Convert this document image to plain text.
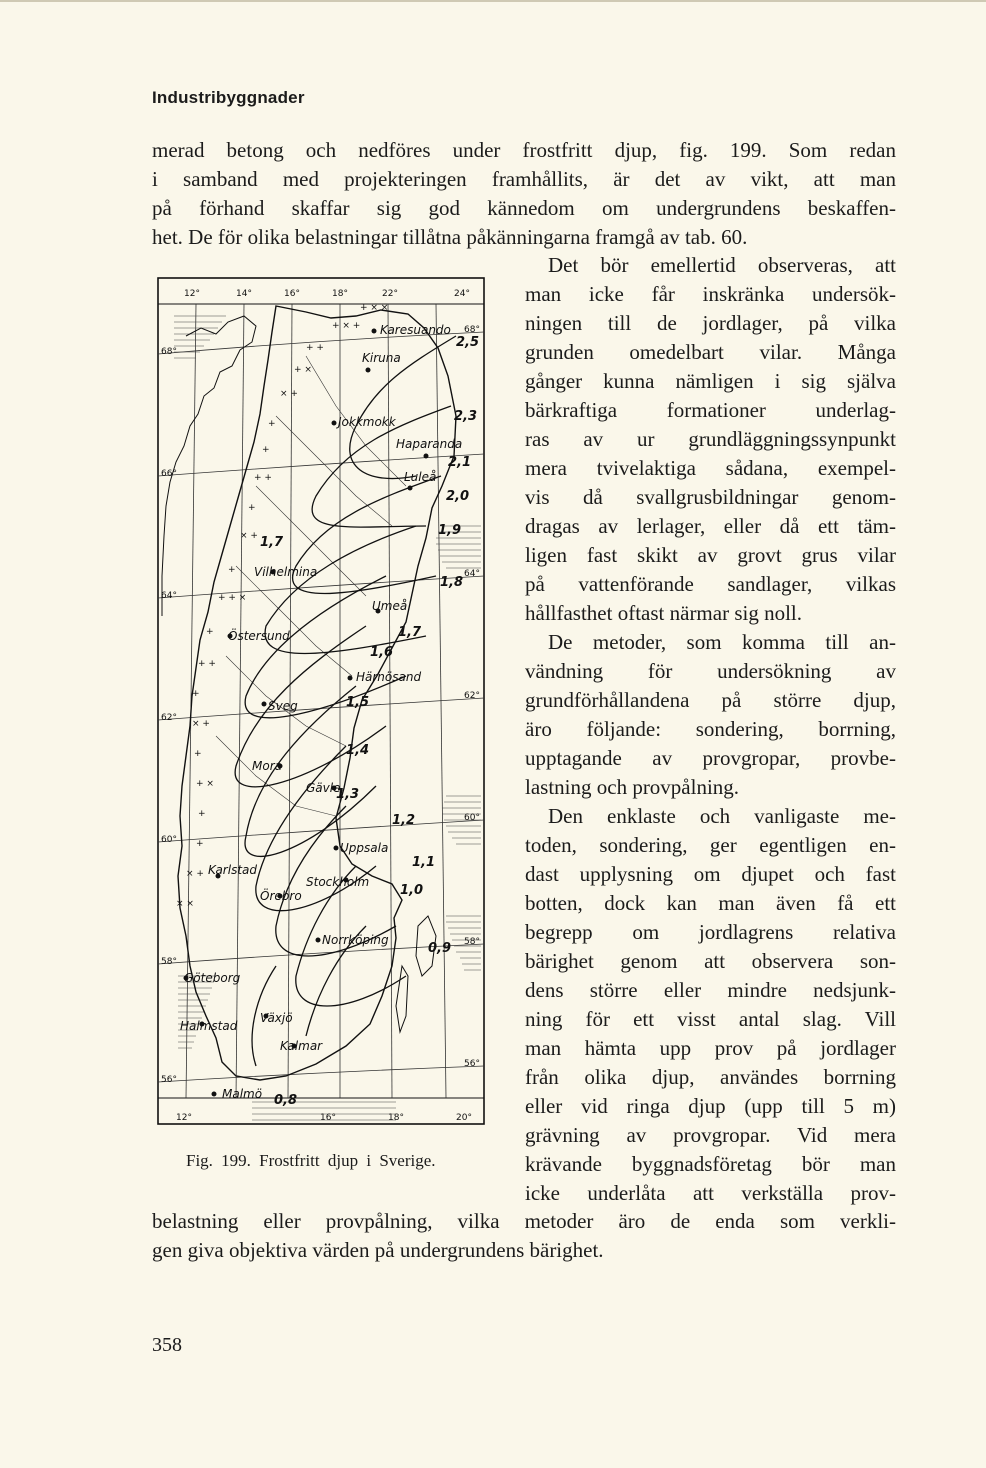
Industribyggnader
merad betong och nedföres under frostfritt djup, fig. 199. Som redan
i samband med projekteringen framhållits, är det av vikt, att man
på förhand skaffar sig god kännedom om undergrundens beskaffen-
het. De för olika belastningar tillåtna påkänningarna framgå av tab. 60.
Det bör emellertid observeras, att
man icke får inskränka undersök-
ningen till de jordlager, på vilka
grunden omedelbart vilar. Många
gånger kunna nämligen i sig själva
bärkraftiga formationer underlag-
ras av ur grundläggningssynpunkt
mera tvivelaktiga sådana, exempel-
vis då svallgrusbildningar genom-
dragas av lerlager, eller då ett täm-
ligen fast skikt av grovt grus vilar
på vattenförande sandlager, vilkas
hållfasthet oftast närmar sig noll.
De metoder, som komma till an-
vändning för undersökning av
grundförhållandena på större djup,
äro följande: sondering, borrning,
upptagande av provgropar, provbe-
lastning och provpålning.
Den enklaste och vanligaste me-
toden, sondering, ger egentligen en-
dast upplysning om djupet och fast
botten, dock kan man även få ett
begrepp om jordlagrens relativa
bärighet genom att observera son-
dens större eller mindre nedsjunk-
ning för ett visst antal slag. Vill
man hämta upp prov på jordlager
från olika djup, användes borrning
eller vid ringa djup (upp till 5 m)
grävning av provgropar. Vid mera
krävande byggnadsföretag bör man
icke underlåta att verkställa prov-
belastning eller provpålning, vilka metoder äro de enda som verkli-
gen giva objektiva värden på undergrundens bärighet.
+ × ×
+ × +
+ +
+ ×
× +
+
+
+ +
+
× +
+
+ + ×
+
+ +
+
× +
+
+ ×
+
+
× +
× ×
12°	14°	16°	18°	22°	24°
12°	16°	18°	20°
68°
66°
64°
62°
60°
58°
56°
68°
64°
62°
60°
58°
56°
Karesuando
Kiruna
Jokkmokk
Haparanda
Luleå
Vilhelmina
Umeå
Östersund
Härnösand
Sveg
Mora
Gävle
Uppsala
Karlstad
Stockholm
Örebro
Norrköping
Göteborg
Växjö
Halmstad
Kalmar
Malmö
2,5
2,3
2,1
2,0
1,9
1,8
1,7
1,6
1,5
1,4
1,3
1,2
1,1
1,0
0,9
0,8
1,7
Fig. 199. Frostfritt djup i Sverige.
358
